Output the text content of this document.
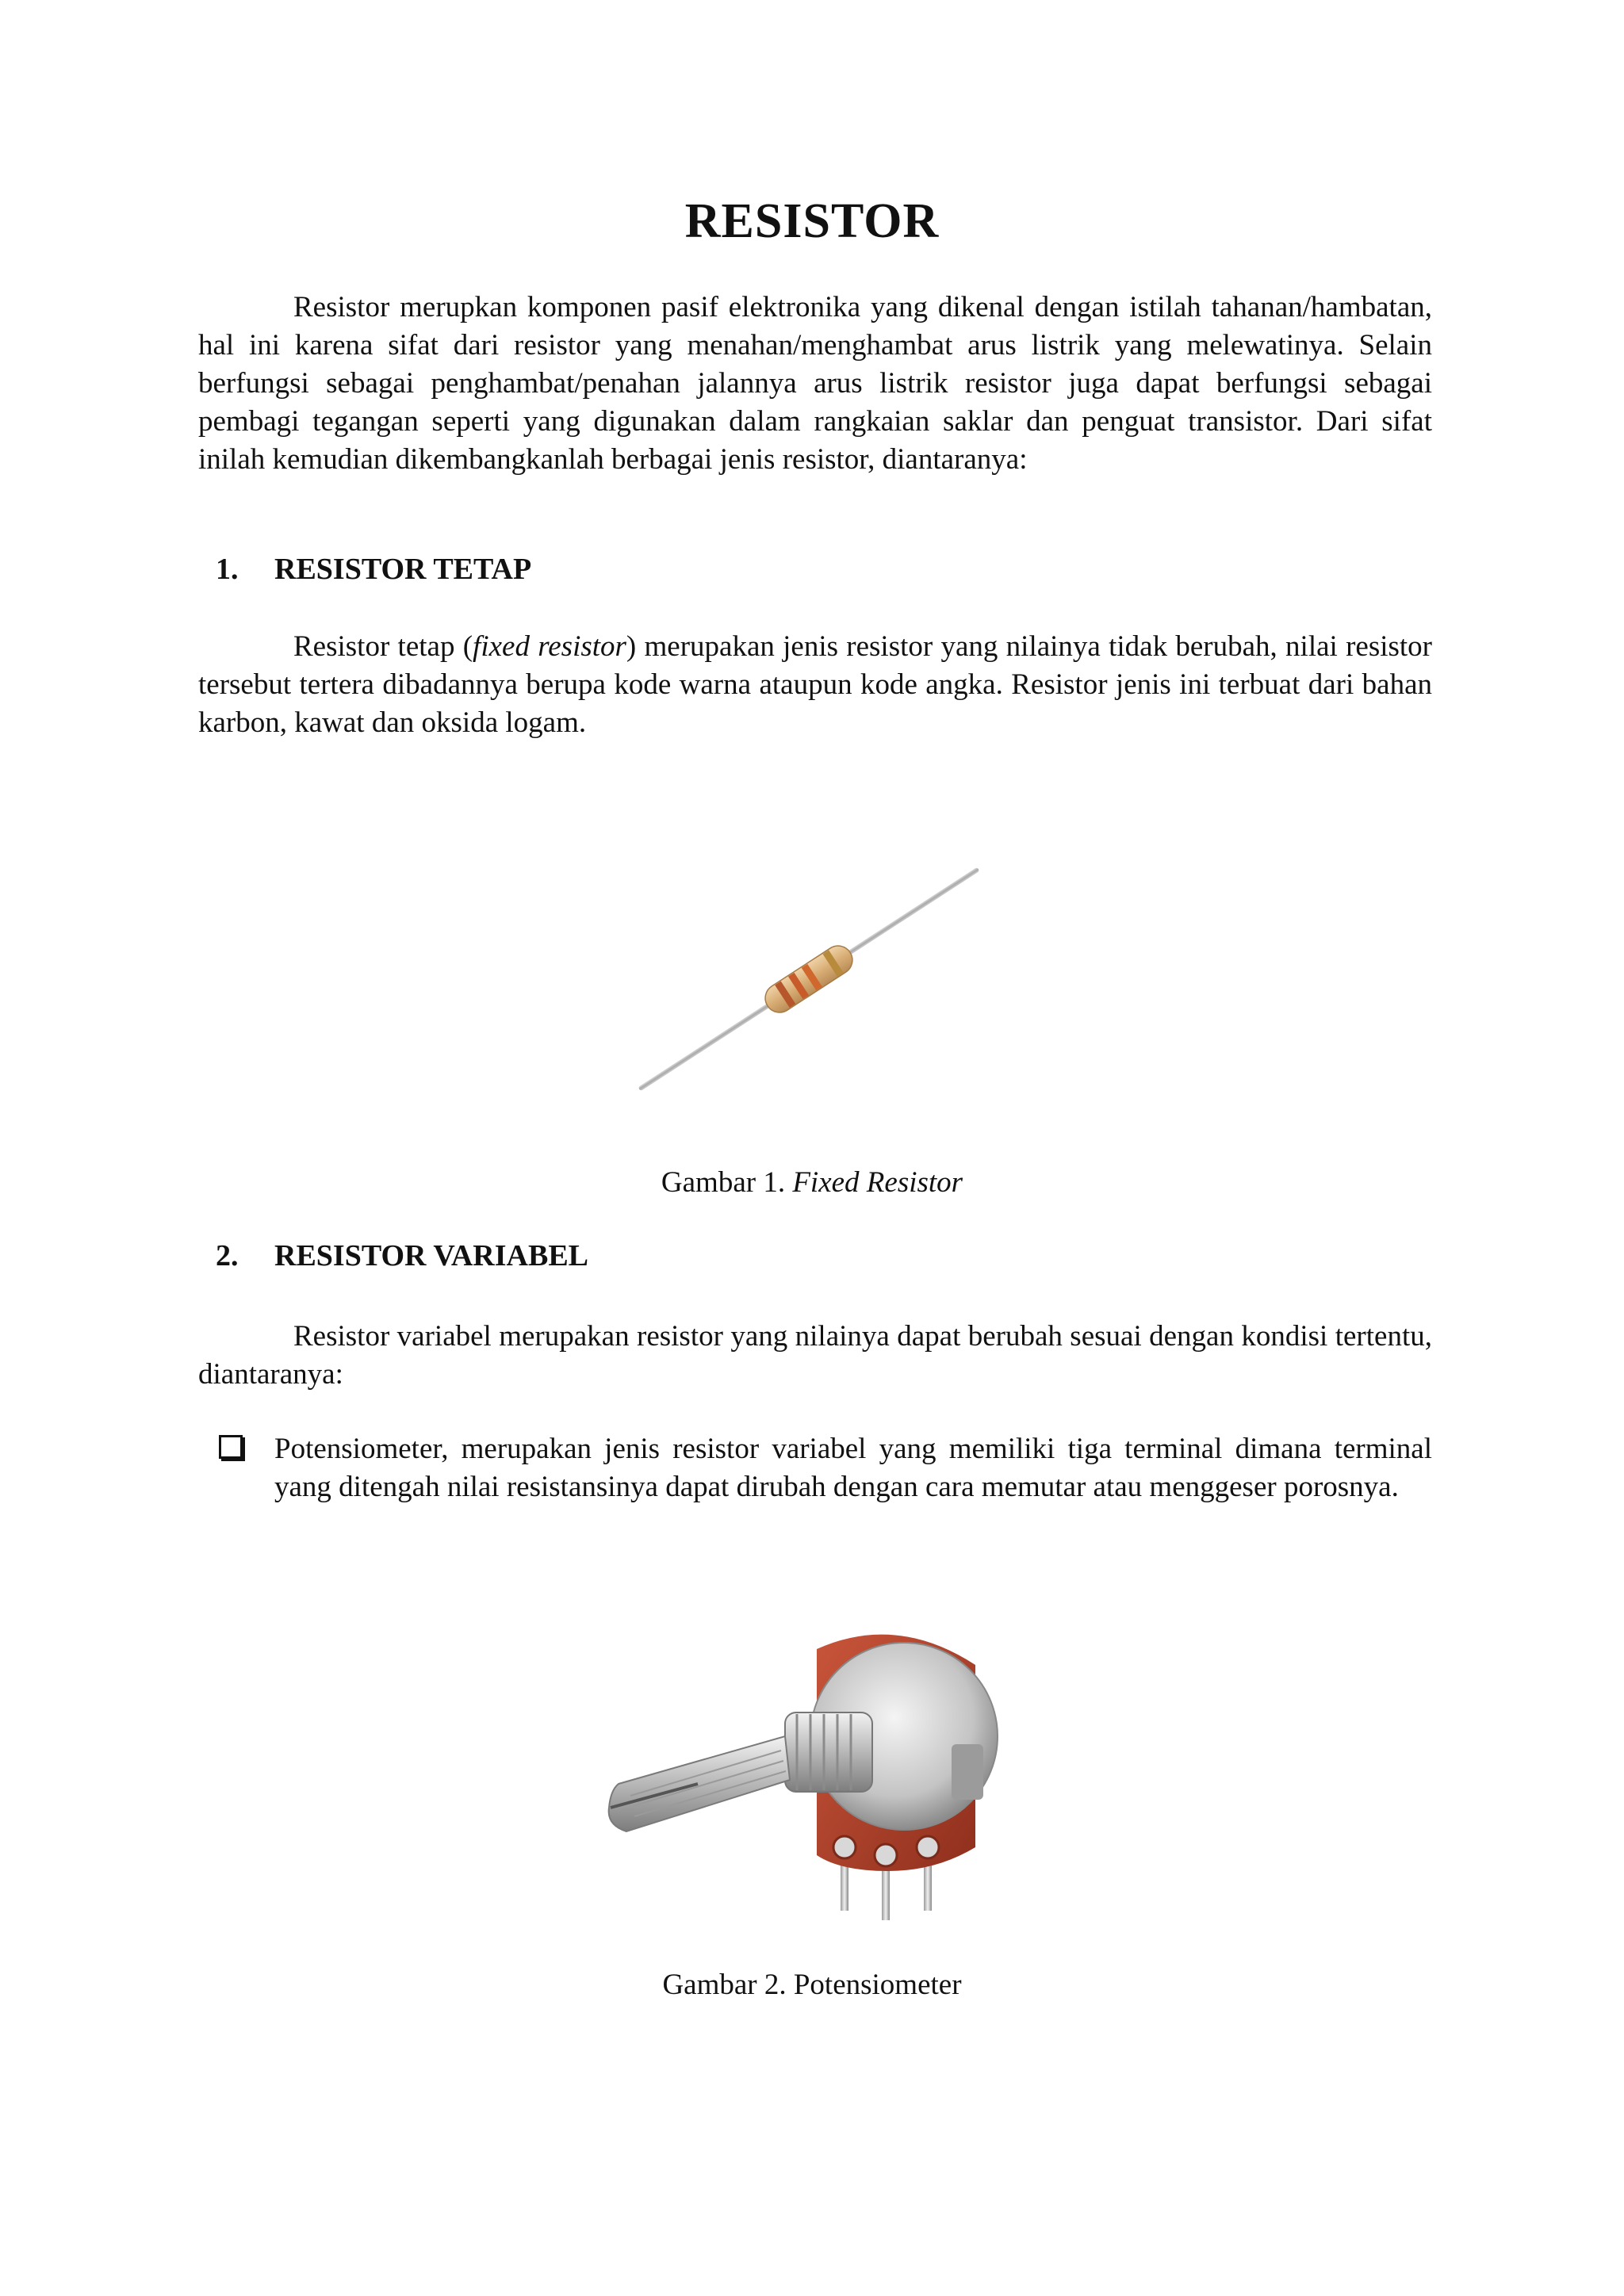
RESISTOR
Resistor merupkan komponen pasif elektronika yang dikenal dengan istilah tahanan/hambatan, hal ini karena sifat dari resistor yang menahan/menghambat arus listrik yang melewatinya. Selain berfungsi sebagai penghambat/penahan jalannya arus listrik resistor juga dapat berfungsi sebagai pembagi tegangan seperti yang digunakan dalam rangkaian saklar dan penguat transistor. Dari sifat inilah kemudian dikembangkanlah berbagai jenis resistor, diantaranya:
1. RESISTOR TETAP
Resistor tetap (fixed resistor) merupakan jenis resistor yang nilainya tidak berubah, nilai resistor tersebut tertera dibadannya berupa kode warna ataupun kode angka. Resistor jenis ini terbuat dari bahan karbon, kawat dan oksida logam.
Gambar 1. Fixed Resistor
2. RESISTOR VARIABEL
Resistor variabel merupakan resistor yang nilainya dapat berubah sesuai dengan kondisi tertentu, diantaranya:
Potensiometer, merupakan jenis resistor variabel yang memiliki tiga terminal dimana terminal yang ditengah nilai resistansinya dapat dirubah dengan cara memutar atau menggeser porosnya.
Gambar 2. Potensiometer
